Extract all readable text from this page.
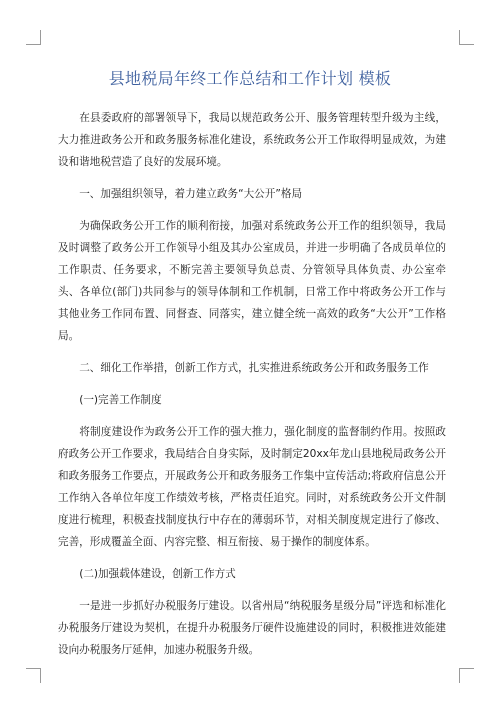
县地税局年终工作总结和工作计划 模板

在县委政府的部署领导下，我局以规范政务公开、服务管理转型升级为主线，大力推进政务公开和政务服务标准化建设，系统政务公开工作取得明显成效，为建设和谐地税营造了良好的发展环境。

一、加强组织领导，着力建立政务“大公开”格局

为确保政务公开工作的顺利衔接，加强对系统政务公开工作的组织领导，我局及时调整了政务公开工作领导小组及其办公室成员，并进一步明确了各成员单位的工作职责、任务要求，不断完善主要领导负总责、分管领导具体负责、办公室牵头、各单位(部门)共同参与的领导体制和工作机制，日常工作中将政务公开工作与其他业务工作同布置、同督查、同落实，建立健全统一高效的政务“大公开”工作格局。

二、细化工作举措，创新工作方式，扎实推进系统政务公开和政务服务工作

(一)完善工作制度

将制度建设作为政务公开工作的强大推力，强化制度的监督制约作用。按照政府政务公开工作要求，我局结合自身实际，及时制定20xx年龙山县地税局政务公开和政务服务工作要点，开展政务公开和政务服务工作集中宣传活动;将政府信息公开工作纳入各单位年度工作绩效考核，严格责任追究。同时，对系统政务公开文件制度进行梳理，积极查找制度执行中存在的薄弱环节，对相关制度规定进行了修改、完善，形成覆盖全面、内容完整、相互衔接、易于操作的制度体系。

(二)加强载体建设，创新工作方式

一是进一步抓好办税服务厅建设。以省州局“纳税服务星级分局”评选和标准化办税服务厅建设为契机，在提升办税服务厅硬件设施建设的同时，积极推进效能建设向办税服务厅延伸，加速办税服务升级。
